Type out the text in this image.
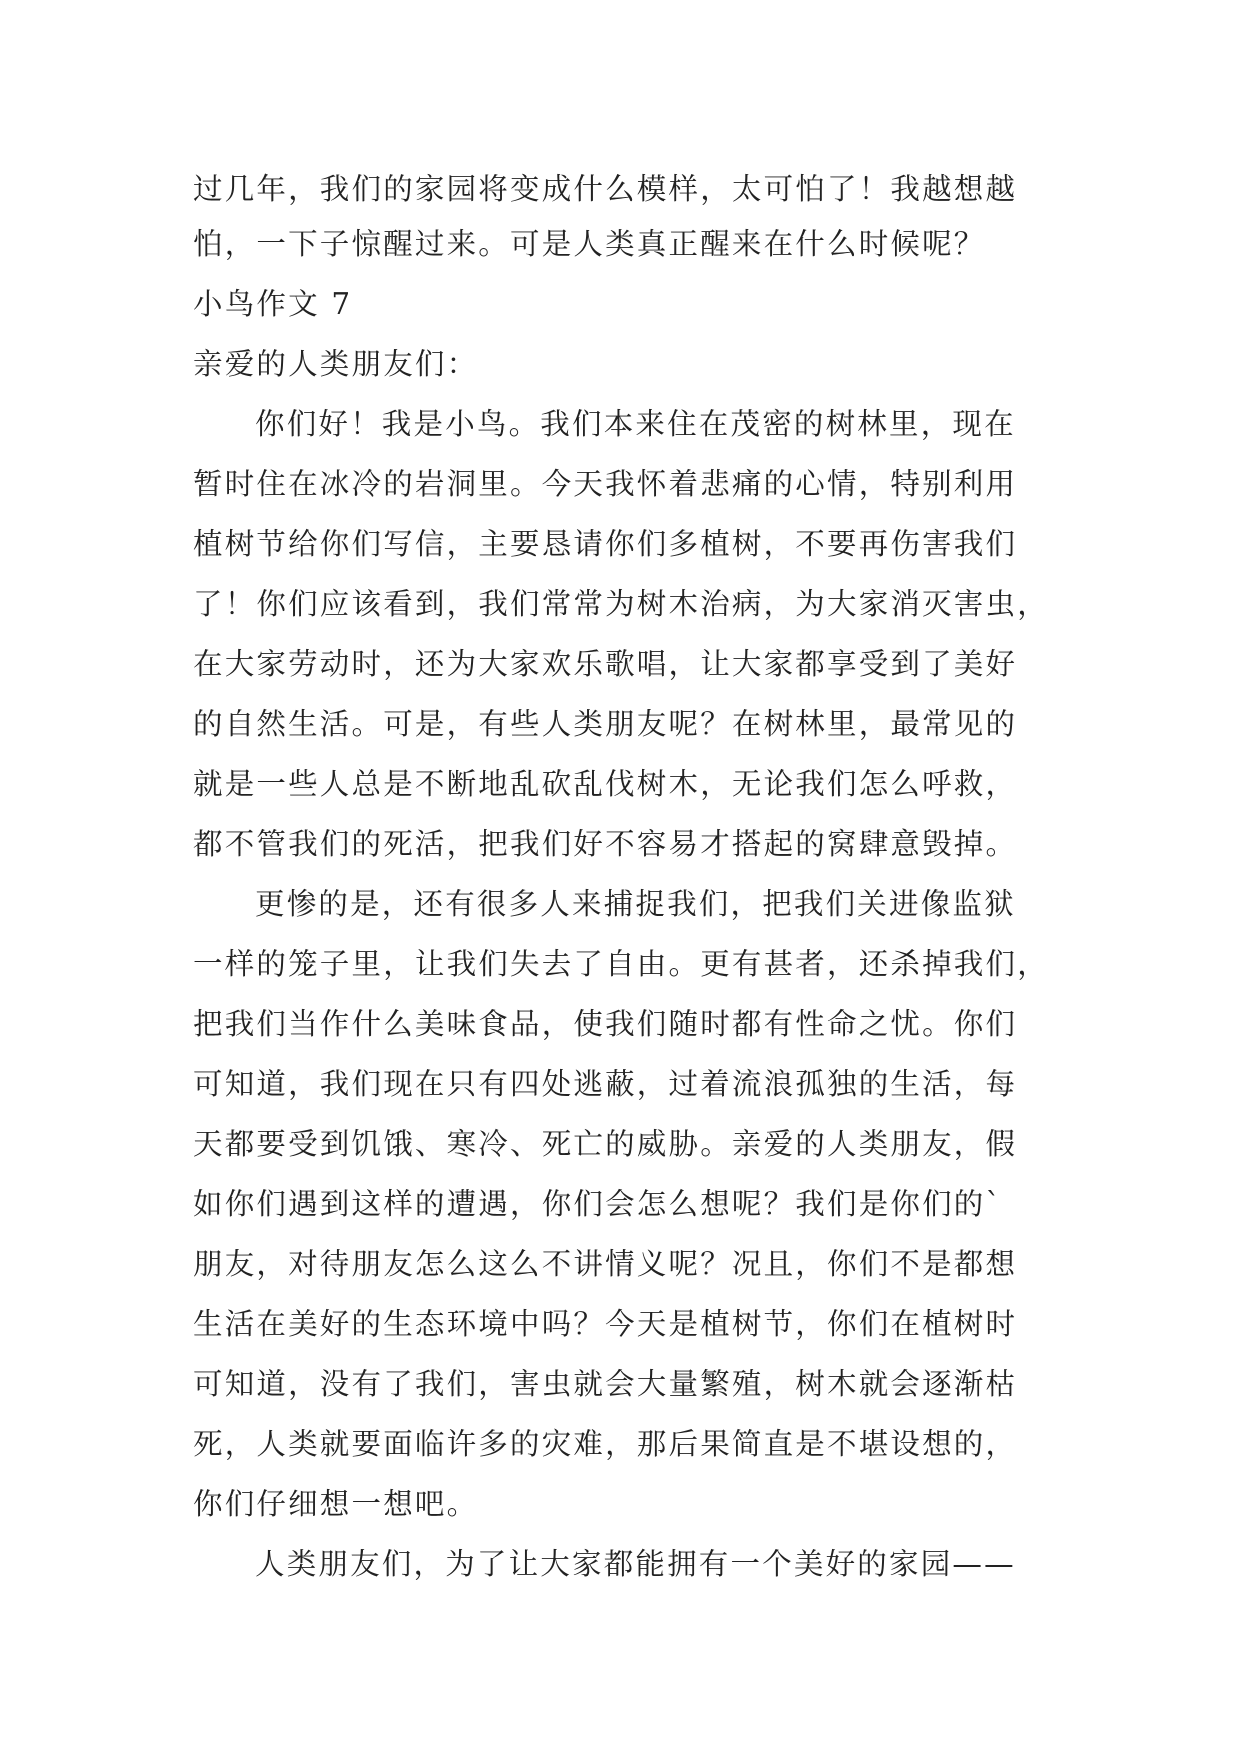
过几年，我们的家园将变成什么模样，太可怕了！我越想越
怕，一下子惊醒过来。可是人类真正醒来在什么时候呢？
小鸟作文 7
亲爱的人类朋友们：
你们好！我是小鸟。我们本来住在茂密的树林里，现在
暂时住在冰冷的岩洞里。今天我怀着悲痛的心情，特别利用
植树节给你们写信，主要恳请你们多植树，不要再伤害我们
了！你们应该看到，我们常常为树木治病，为大家消灭害虫，
在大家劳动时，还为大家欢乐歌唱，让大家都享受到了美好
的自然生活。可是，有些人类朋友呢？在树林里，最常见的
就是一些人总是不断地乱砍乱伐树木，无论我们怎么呼救，
都不管我们的死活，把我们好不容易才搭起的窝肆意毁掉。
更惨的是，还有很多人来捕捉我们，把我们关进像监狱
一样的笼子里，让我们失去了自由。更有甚者，还杀掉我们，
把我们当作什么美味食品，使我们随时都有性命之忧。你们
可知道，我们现在只有四处逃蔽，过着流浪孤独的生活，每
天都要受到饥饿、寒冷、死亡的威胁。亲爱的人类朋友，假
如你们遇到这样的遭遇，你们会怎么想呢？我们是你们的`
朋友，对待朋友怎么这么不讲情义呢？况且，你们不是都想
生活在美好的生态环境中吗？今天是植树节，你们在植树时
可知道，没有了我们，害虫就会大量繁殖，树木就会逐渐枯
死，人类就要面临许多的灾难，那后果简直是不堪设想的，
你们仔细想一想吧。
人类朋友们，为了让大家都能拥有一个美好的家园——
